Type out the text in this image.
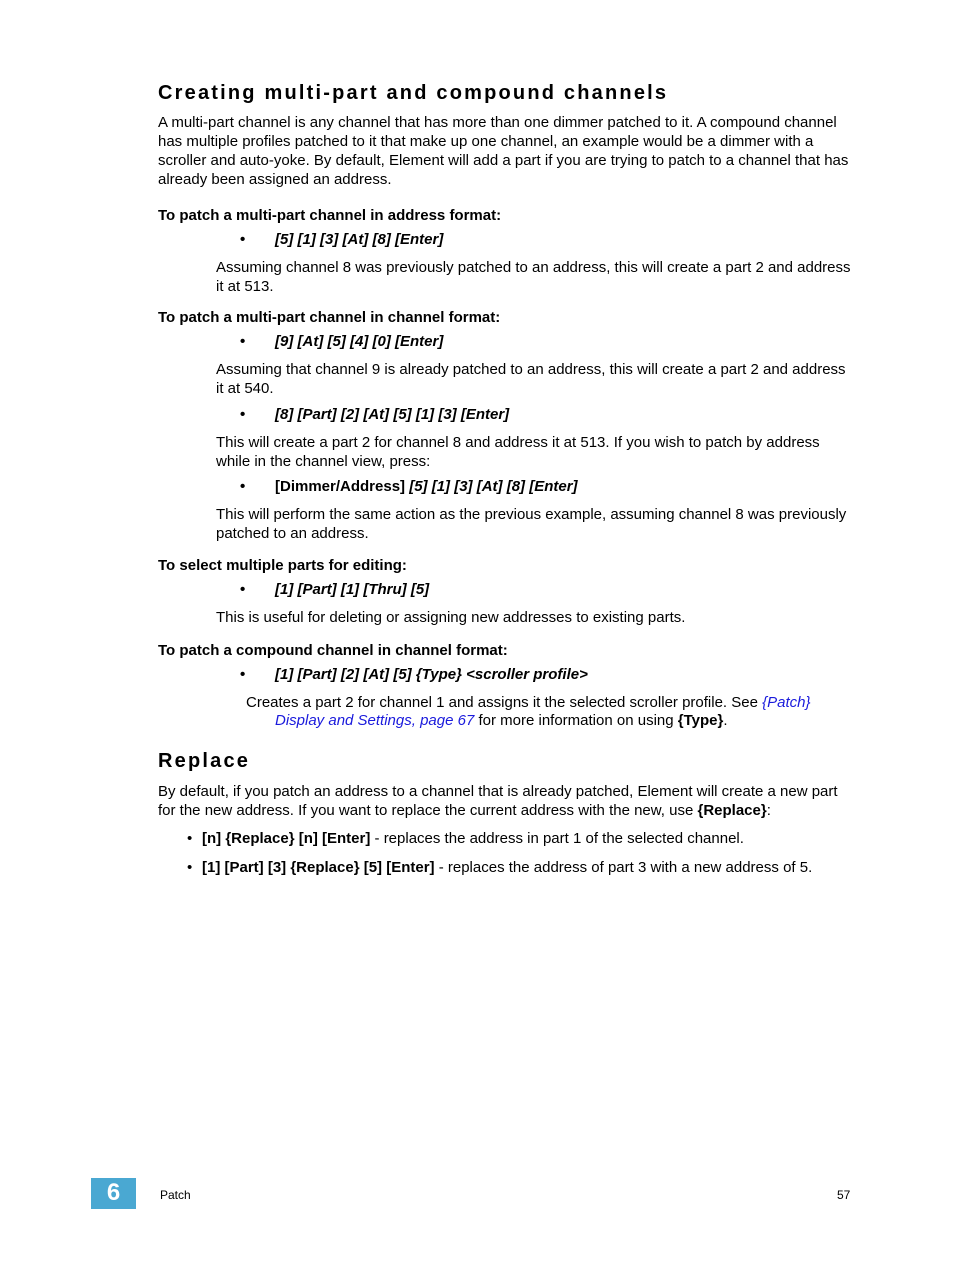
Creating multi-part and compound channels
A multi-part channel is any channel that has more than one dimmer patched to it. A compound channel has multiple profiles patched to it that make up one channel, an example would be a dimmer with a scroller and auto-yoke. By default, Element will add a part if you are trying to patch to a channel that has already been assigned an address.
To patch a multi-part channel in address format:
• [5] [1] [3] [At] [8] [Enter]
Assuming channel 8 was previously patched to an address, this will create a part 2 and address it at 513.
To patch a multi-part channel in channel format:
• [9] [At] [5] [4] [0] [Enter]
Assuming that channel 9 is already patched to an address, this will create a part 2 and address it at 540.
• [8] [Part] [2] [At] [5] [1] [3] [Enter]
This will create a part 2 for channel 8 and address it at 513. If you wish to patch by address while in the channel view, press:
• [Dimmer/Address] [5] [1] [3] [At] [8] [Enter]
This will perform the same action as the previous example, assuming channel 8 was previously patched to an address.
To select multiple parts for editing:
• [1] [Part] [1] [Thru] [5]
This is useful for deleting or assigning new addresses to existing parts.
To patch a compound channel in channel format:
• [1] [Part] [2] [At] [5] {Type} <scroller profile>
Creates a part 2 for channel 1 and assigns it the selected scroller profile. See {Patch}
Display and Settings, page 67 for more information on using {Type}.
Replace
By default, if you patch an address to a channel that is already patched, Element will create a new part for the new address. If you want to replace the current address with the new, use {Replace}:
• [n] {Replace} [n] [Enter] - replaces the address in part 1 of the selected channel.
• [1] [Part] [3] {Replace} [5] [Enter] - replaces the address of part 3 with a new address of 5.
6	Patch	57
